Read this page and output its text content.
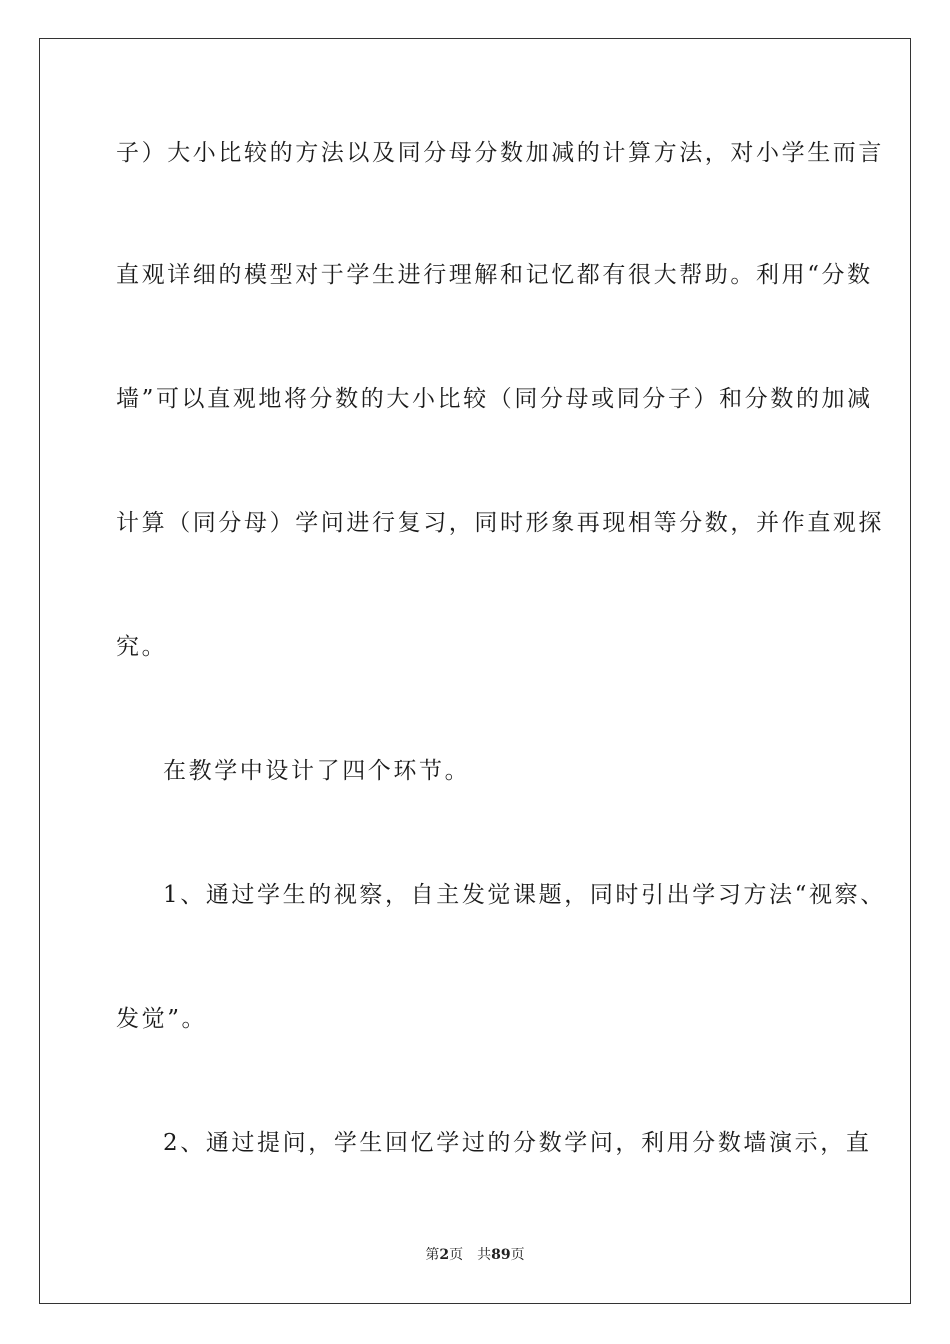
子）大小比较的方法以及同分母分数加减的计算方法，对小学生而言
直观详细的模型对于学生进行理解和记忆都有很大帮助。利用“分数
墙”可以直观地将分数的大小比较（同分母或同分子）和分数的加减
计算（同分母）学问进行复习，同时形象再现相等分数，并作直观探
究。
在教学中设计了四个环节。
1、通过学生的视察，自主发觉课题，同时引出学习方法“视察、
发觉”。
2、通过提问，学生回忆学过的分数学问，利用分数墙演示，直
第2页 共89页
